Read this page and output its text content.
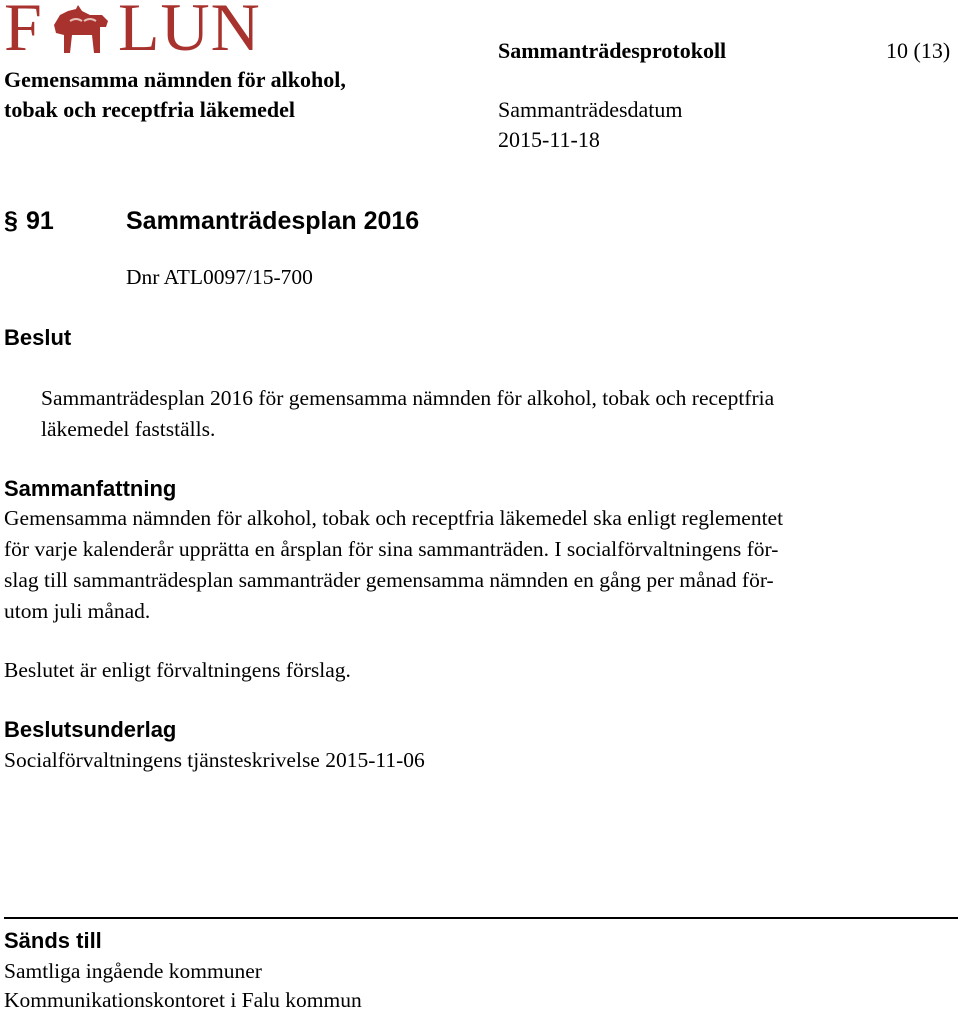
F LUN
Gemensamma nämnden för alkohol,
tobak och receptfria läkemedel
Sammanträdesprotokoll	10 (13)
Sammanträdesdatum
2015-11-18
§ 91	Sammanträdesplan 2016
Dnr ATL0097/15-700
Beslut
Sammanträdesplan 2016 för gemensamma nämnden för alkohol, tobak och receptfria
läkemedel fastställs.
Sammanfattning
Gemensamma nämnden för alkohol, tobak och receptfria läkemedel ska enligt reglementet
för varje kalenderår upprätta en årsplan för sina sammanträden. I socialförvaltningens för-
slag till sammanträdesplan sammanträder gemensamma nämnden en gång per månad för-
utom juli månad.
Beslutet är enligt förvaltningens förslag.
Beslutsunderlag
Socialförvaltningens tjänsteskrivelse 2015-11-06
Sänds till
Samtliga ingående kommuner
Kommunikationskontoret i Falu kommun
